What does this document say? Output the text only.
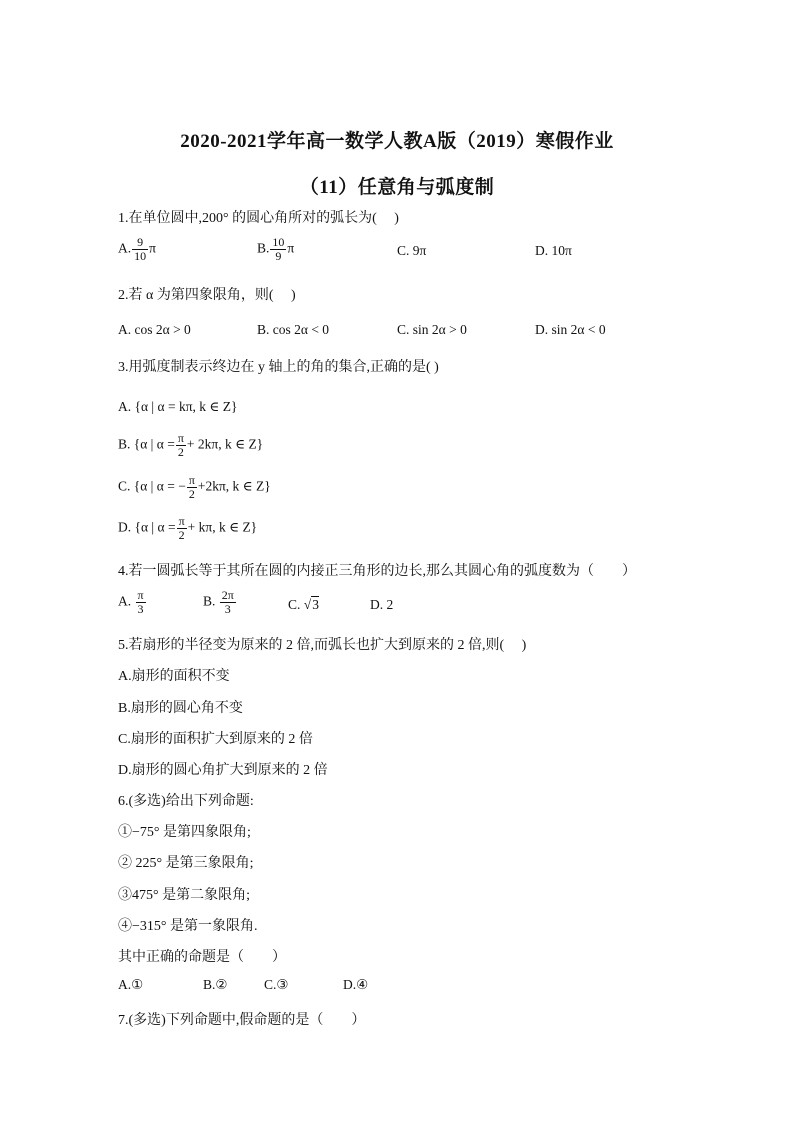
2020-2021学年高一数学人教A版（2019）寒假作业
（11）任意角与弧度制
1.在单位圆中,200° 的圆心角所对的弧长为(　 )
A. $\frac{9}{10}$ π	B. $\frac{10}{9}$ π	C. 9π	D. 10π
2.若 α 为第四象限角，则(　 )
A. cos 2α > 0	B. cos 2α < 0	C. sin 2α > 0	D. sin 2α < 0
3.用弧度制表示终边在 y 轴上的角的集合,正确的是( )
A. {α | α = kπ, k ∈ Z}
B. {α | $\alpha = \frac{\pi}{2} + 2k\pi$, k ∈ Z}
C. {α | α = − $\frac{\pi}{2} +2k\pi$, k ∈ Z}
D. {α | $\alpha = \frac{\pi}{2} + k\pi$, k ∈ Z}
4.若一圆弧长等于其所在圆的内接正三角形的边长,那么其圆心角的弧度数为（　　）
A. $\frac{\pi}{3}$	B. $\frac{2\pi}{3}$	C. √3	D. 2
5.若扇形的半径变为原来的 2 倍,而弧长也扩大到原来的 2 倍,则(　 )
A.扇形的面积不变
B.扇形的圆心角不变
C.扇形的面积扩大到原来的 2 倍
D.扇形的圆心角扩大到原来的 2 倍
6.(多选)给出下列命题:
①−75° 是第四象限角;
② 225° 是第三象限角;
③475° 是第二象限角;
④−315° 是第一象限角.
其中正确的命题是（　　）
A.①	B.②	C.③	D.④
7.(多选)下列命题中,假命题的是（　　）
